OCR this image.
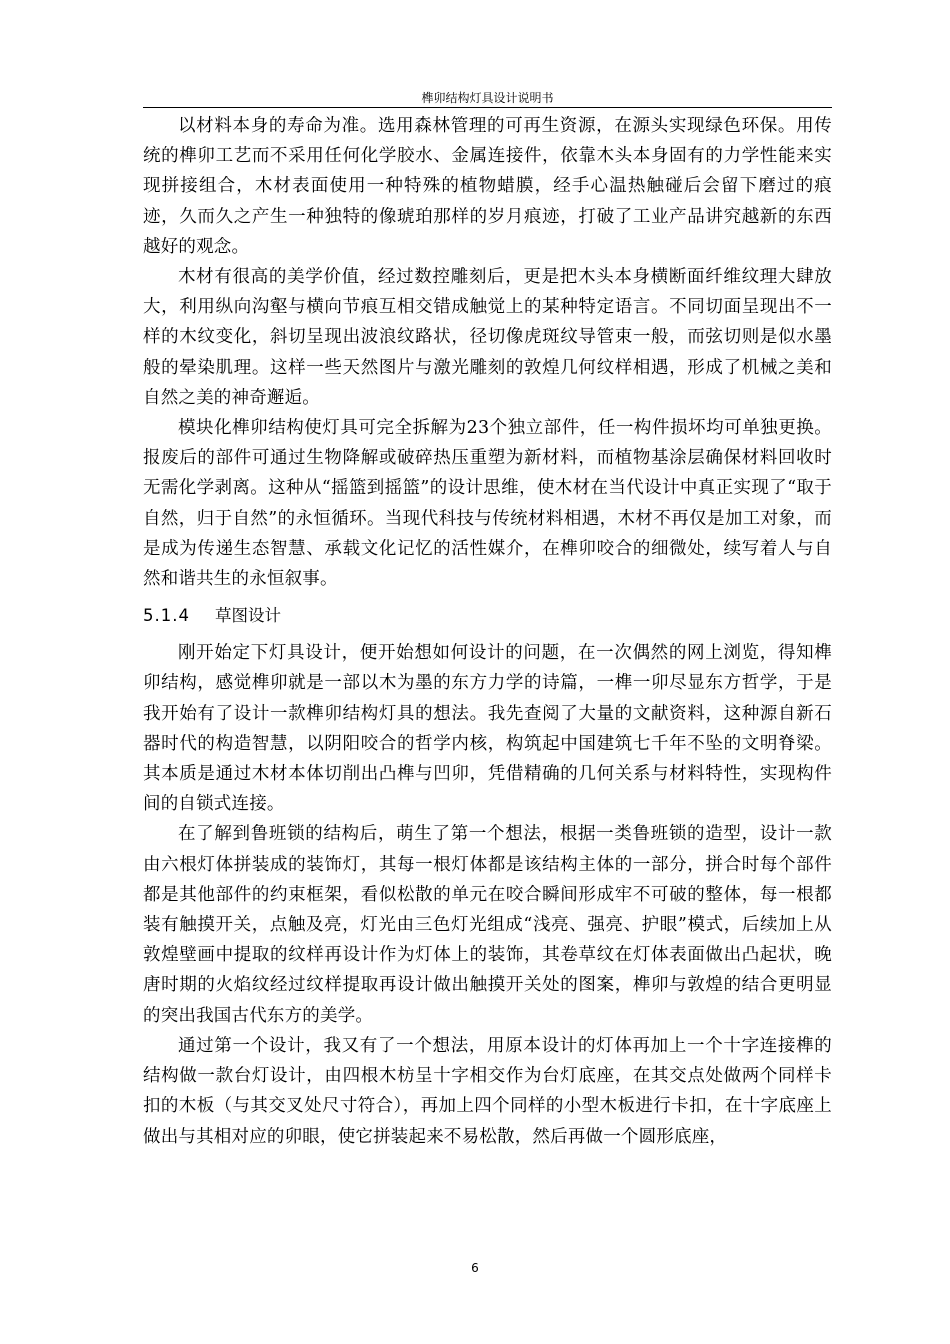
榫卯结构灯具设计说明书

以材料本身的寿命为准。选用森林管理的可再生资源，在源头实现绿色环保。用传统的榫卯工艺而不采用任何化学胶水、金属连接件，依靠木头本身固有的力学性能来实现拼接组合，木材表面使用一种特殊的植物蜡膜，经手心温热触碰后会留下磨过的痕迹，久而久之产生一种独特的像琥珀那样的岁月痕迹，打破了工业产品讲究越新的东西越好的观念。

木材有很高的美学价值，经过数控雕刻后，更是把木头本身横断面纤维纹理大肆放大，利用纵向沟壑与横向节痕互相交错成触觉上的某种特定语言。不同切面呈现出不一样的木纹变化，斜切呈现出波浪纹路状，径切像虎斑纹导管束一般，而弦切则是似水墨般的晕染肌理。这样一些天然图片与激光雕刻的敦煌几何纹样相遇，形成了机械之美和自然之美的神奇邂逅。

模块化榫卯结构使灯具可完全拆解为23个独立部件，任一构件损坏均可单独更换。报废后的部件可通过生物降解或破碎热压重塑为新材料，而植物基涂层确保材料回收时无需化学剥离。这种从“摇篮到摇篮”的设计思维，使木材在当代设计中真正实现了“取于自然，归于自然”的永恒循环。当现代科技与传统材料相遇，木材不再仅是加工对象，而是成为传递生态智慧、承载文化记忆的活性媒介，在榫卯咬合的细微处，续写着人与自然和谐共生的永恒叙事。

5.1.4	草图设计

刚开始定下灯具设计，便开始想如何设计的问题，在一次偶然的网上浏览，得知榫卯结构，感觉榫卯就是一部以木为墨的东方力学的诗篇，一榫一卯尽显东方哲学，于是我开始有了设计一款榫卯结构灯具的想法。我先查阅了大量的文献资料，这种源自新石器时代的构造智慧，以阴阳咬合的哲学内核，构筑起中国建筑七千年不坠的文明脊梁。其本质是通过木材本体切削出凸榫与凹卯，凭借精确的几何关系与材料特性，实现构件间的自锁式连接。

在了解到鲁班锁的结构后，萌生了第一个想法，根据一类鲁班锁的造型，设计一款由六根灯体拼装成的装饰灯，其每一根灯体都是该结构主体的一部分，拼合时每个部件都是其他部件的约束框架，看似松散的单元在咬合瞬间形成牢不可破的整体，每一根都装有触摸开关，点触及亮，灯光由三色灯光组成“浅亮、强亮、护眼”模式，后续加上从敦煌壁画中提取的纹样再设计作为灯体上的装饰，其卷草纹在灯体表面做出凸起状，晚唐时期的火焰纹经过纹样提取再设计做出触摸开关处的图案，榫卯与敦煌的结合更明显的突出我国古代东方的美学。

通过第一个设计，我又有了一个想法，用原本设计的灯体再加上一个十字连接榫的结构做一款台灯设计，由四根木枋呈十字相交作为台灯底座，在其交点处做两个同样卡扣的木板（与其交叉处尺寸符合），再加上四个同样的小型木板进行卡扣，在十字底座上做出与其相对应的卯眼，使它拼装起来不易松散，然后再做一个圆形底座，

6
